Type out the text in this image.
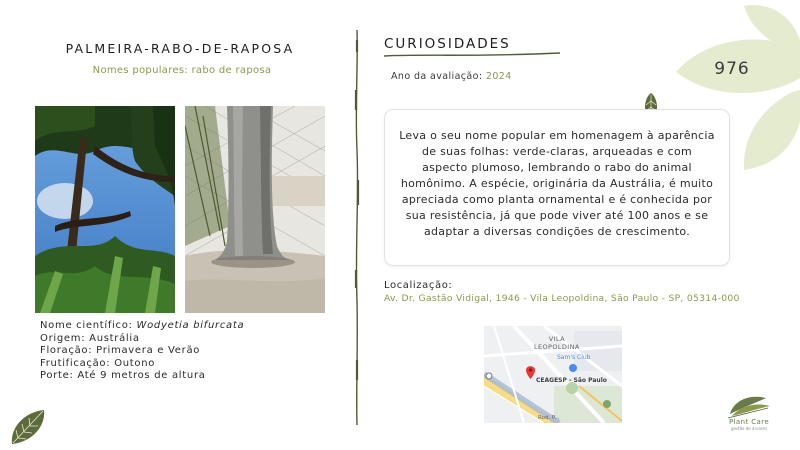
PALMEIRA-RABO-DE-RAPOSA
Nomes populares: rabo de raposa
Nome científico: Wodyetia bifurcata
Origem: Austrália
Floração: Primavera e Verão
Frutificação: Outono
Porte: Até 9 metros de altura
CURIOSIDADES
Ano da avaliação: 2024	976

Leva o seu nome popular em homenagem à aparência de suas folhas: verde-claras, arqueadas e com aspecto plumoso, lembrando o rabo do animal homônimo. A espécie, originária da Austrália, é muito apreciada como planta ornamental e é conhecida por sua resistência, já que pode viver até 100 anos e se adaptar a diversas condições de crescimento.

Localização:
Av. Dr. Gastão Vidigal, 1946 - Vila Leopoldina, São Paulo - SP, 05314-000
VILA
LEOPOLDINA
Sam's Club
CEAGESP - São Paulo
Rod. P...	Plant Care
gestão de árvores
